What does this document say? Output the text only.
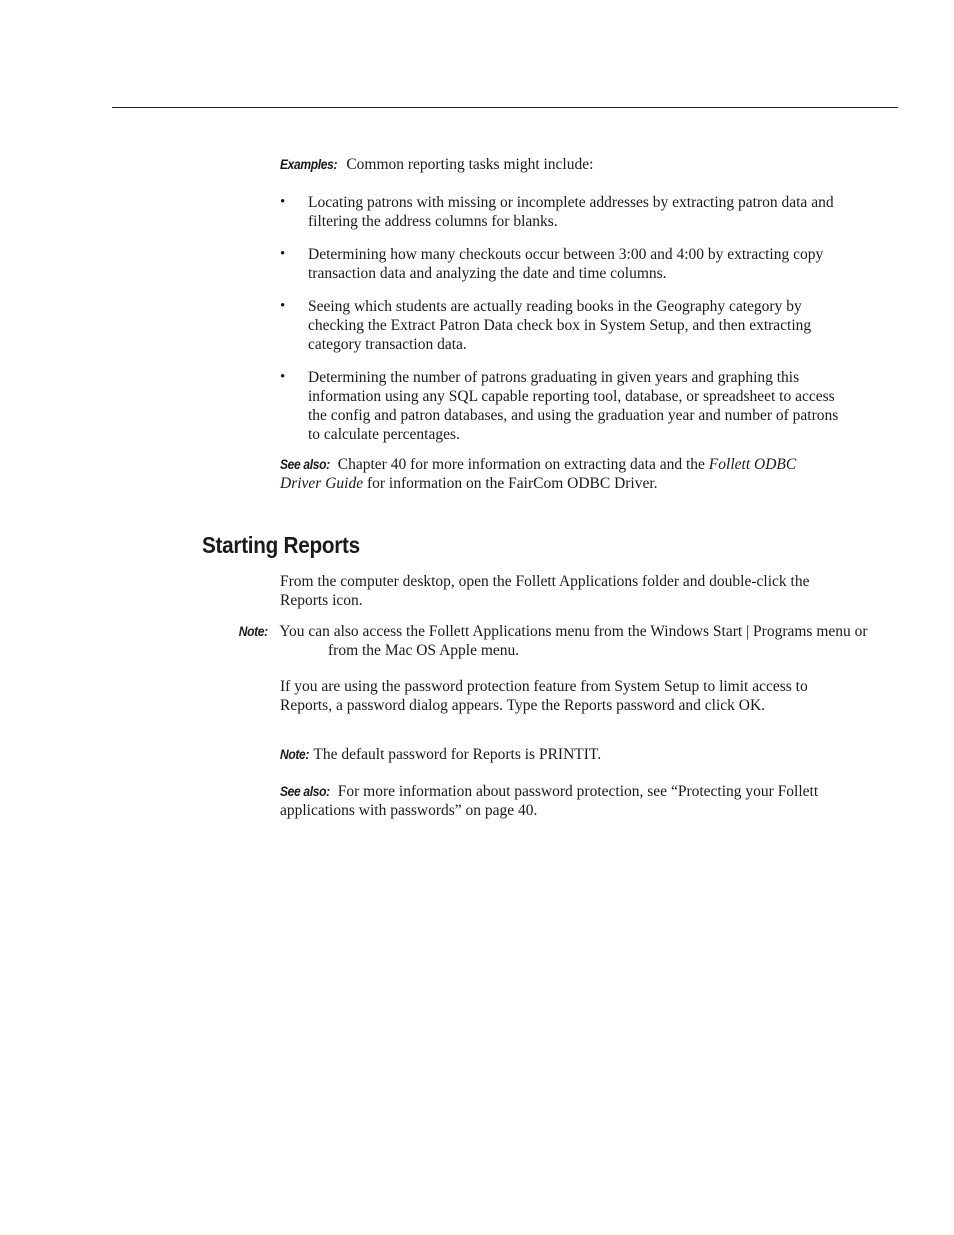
Examples: Common reporting tasks might include:

• Locating patrons with missing or incomplete addresses by extracting patron data and filtering the address columns for blanks.
• Determining how many checkouts occur between 3:00 and 4:00 by extracting copy transaction data and analyzing the date and time columns.
• Seeing which students are actually reading books in the Geography category by checking the Extract Patron Data check box in System Setup, and then extracting category transaction data.
• Determining the number of patrons graduating in given years and graphing this information using any SQL capable reporting tool, database, or spreadsheet to access the config and patron databases, and using the graduation year and number of patrons to calculate percentages.

See also: Chapter 40 for more information on extracting data and the Follett ODBC Driver Guide for information on the FairCom ODBC Driver.

Starting Reports

From the computer desktop, open the Follett Applications folder and double-click the Reports icon.

Note: You can also access the Follett Applications menu from the Windows Start | Programs menu or from the Mac OS Apple menu.

If you are using the password protection feature from System Setup to limit access to Reports, a password dialog appears. Type the Reports password and click OK.

Note: The default password for Reports is PRINTIT.

See also: For more information about password protection, see “Protecting your Follett applications with passwords” on page 40.
